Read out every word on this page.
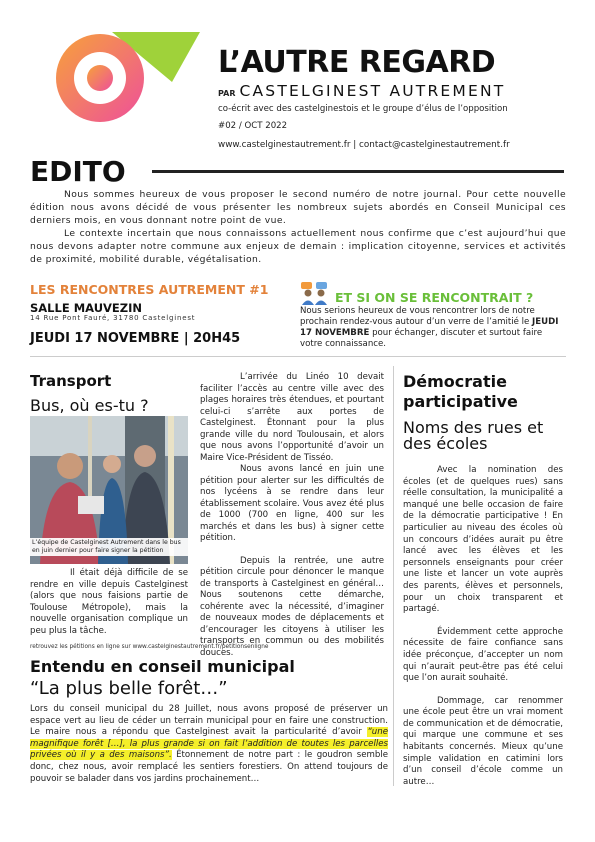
L’AUTRE REGARD
PAR CASTELGINEST AUTREMENT
co-écrit avec des castelginestois et le groupe d’élus de l’opposition
#02 / OCT 2022
www.castelginestautrement.fr | contact@castelginestautrement.fr
EDITO

Nous sommes heureux de vous proposer le second numéro de notre journal. Pour cette nouvelle édition nous avons décidé de vous présenter les nombreux sujets abordés en Conseil Municipal ces derniers mois, en vous donnant notre point de vue.

Le contexte incertain que nous connaissons actuellement nous confirme que c’est aujourd’hui que nous devons adapter notre commune aux enjeux de demain : implication citoyenne, services et activités de proximité, mobilité durable, végétalisation.

LES RENCONTRES AUTREMENT #1
SALLE MAUVEZIN
14 Rue Pont Fauré, 31780 Castelginest
JEUDI 17 NOVEMBRE | 20H45
ET SI ON SE RENCONTRAIT ?
Nous serions heureux de vous rencontrer lors de notre prochain rendez-vous autour d’un verre de l’amitié le JEUDI 17 NOVEMBRE pour échanger, discuter et surtout faire votre connaissance.
Transport
Bus, où es-tu ?
L’équipe de Castelginest Autrement dans le bus en juin dernier pour faire signer la pétition

Il était déjà difficile de se rendre en ville depuis Castelginest (alors que nous faisions partie de Toulouse Métropole), mais la nouvelle organisation complique un peu plus la tâche.

L’arrivée du Linéo 10 devait faciliter l’accès au centre ville avec des plages horaires très étendues, et pourtant celui-ci s’arrête aux portes de Castelginest. Étonnant pour la plus grande ville du nord Toulousain, et alors que nous avons l’opportunité d’avoir un Maire Vice-Président de Tisséo.

Nous avons lancé en juin une pétition pour alerter sur les difficultés de nos lycéens à se rendre dans leur établissement scolaire. Vous avez été plus de 1000 (700 en ligne, 400 sur les marchés et dans les bus) à signer cette pétition.

Depuis la rentrée, une autre pétition circule pour dénoncer le manque de transports à Castelginest en général… Nous soutenons cette démarche, cohérente avec la nécessité, d’imaginer de nouveaux modes de déplacements et d’encourager les citoyens à utiliser les transports en commun ou des mobilités douces.

retrouvez les pétitions en ligne sur www.castelginestautrement.fr/petitionsenligne
Entendu en conseil municipal
“La plus belle forêt…”
Lors du conseil municipal du 28 Juillet, nous avons proposé de préserver un espace vert au lieu de céder un terrain municipal pour en faire une construction. Le maire nous a répondu que Castelginest avait la particularité d’avoir “une magnifique forêt […], la plus grande si on fait l’addition de toutes les parcelles privées où il y a des maisons”. Étonnement de notre part : le goudron semble donc, chez nous, avoir remplacé les sentiers forestiers. On attend toujours de pouvoir se balader dans vos jardins prochainement…
Démocratie participative
Noms des rues et des écoles

Avec la nomination des écoles (et de quelques rues) sans réelle consultation, la municipalité a manqué une belle occasion de faire de la démocratie participative ! En particulier au niveau des écoles où un concours d’idées aurait pu être lancé avec les élèves et les personnels enseignants pour créer une liste et lancer un vote auprès des parents, élèves et personnels, pour un choix transparent et partagé.

Évidemment cette approche nécessite de faire confiance sans idée préconçue, d’accepter un nom qui n’aurait peut-être pas été celui que l’on aurait souhaité.

Dommage, car renommer une école peut être un vrai moment de communication et de démocratie, qui marque une commune et ses habitants concernés. Mieux qu’une simple validation en catimini lors d’un conseil d’école comme un autre…
